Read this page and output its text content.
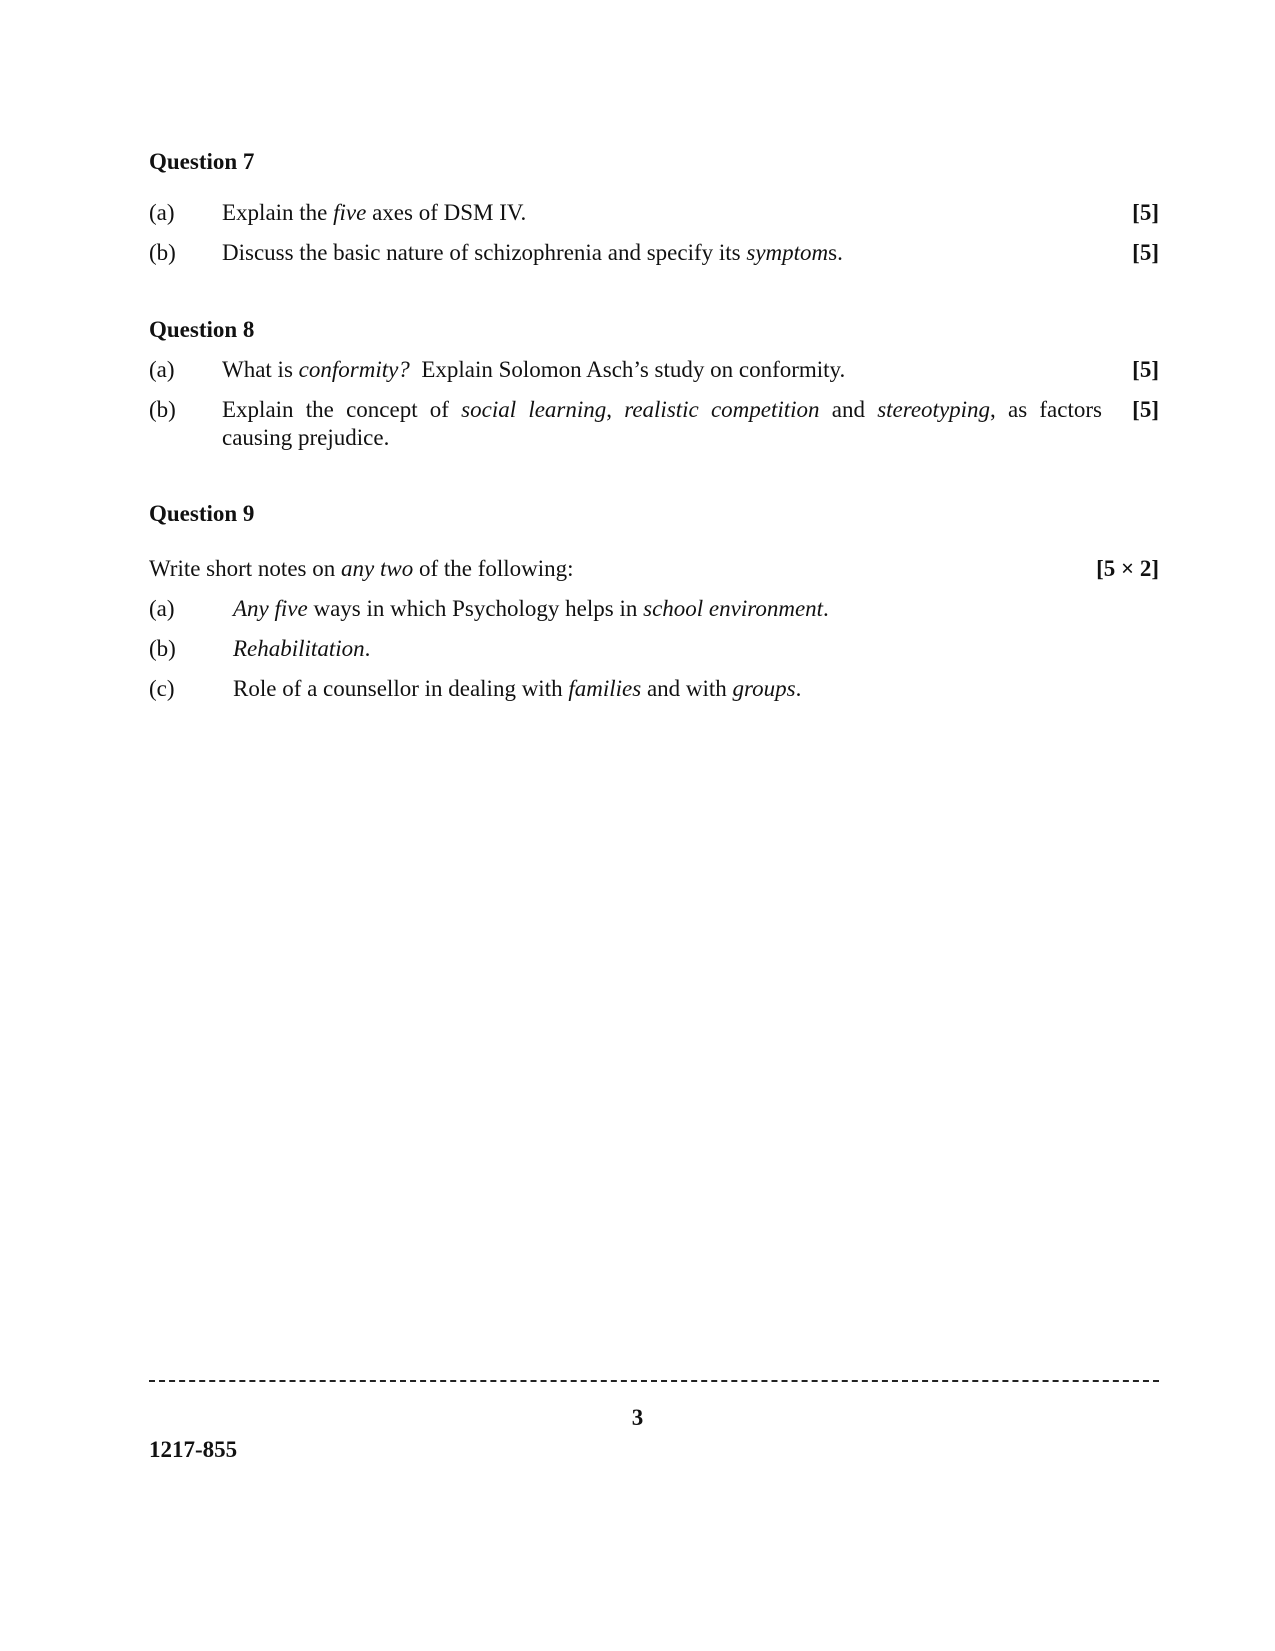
Question 7
(a) Explain the five axes of DSM IV.	[5]
(b) Discuss the basic nature of schizophrenia and specify its symptoms.	[5]
Question 8
(a) What is conformity?  Explain Solomon Asch’s study on conformity.	[5]
(b) Explain the concept of social learning, realistic competition and stereotyping, as factors causing prejudice.
[5]
Question 9
Write short notes on any two of the following:	[5 × 2]
(a)	Any five ways in which Psychology helps in school environment.
(b) Rehabilitation.
(c)	Role of a counsellor in dealing with families and with groups.
3
1217-855
